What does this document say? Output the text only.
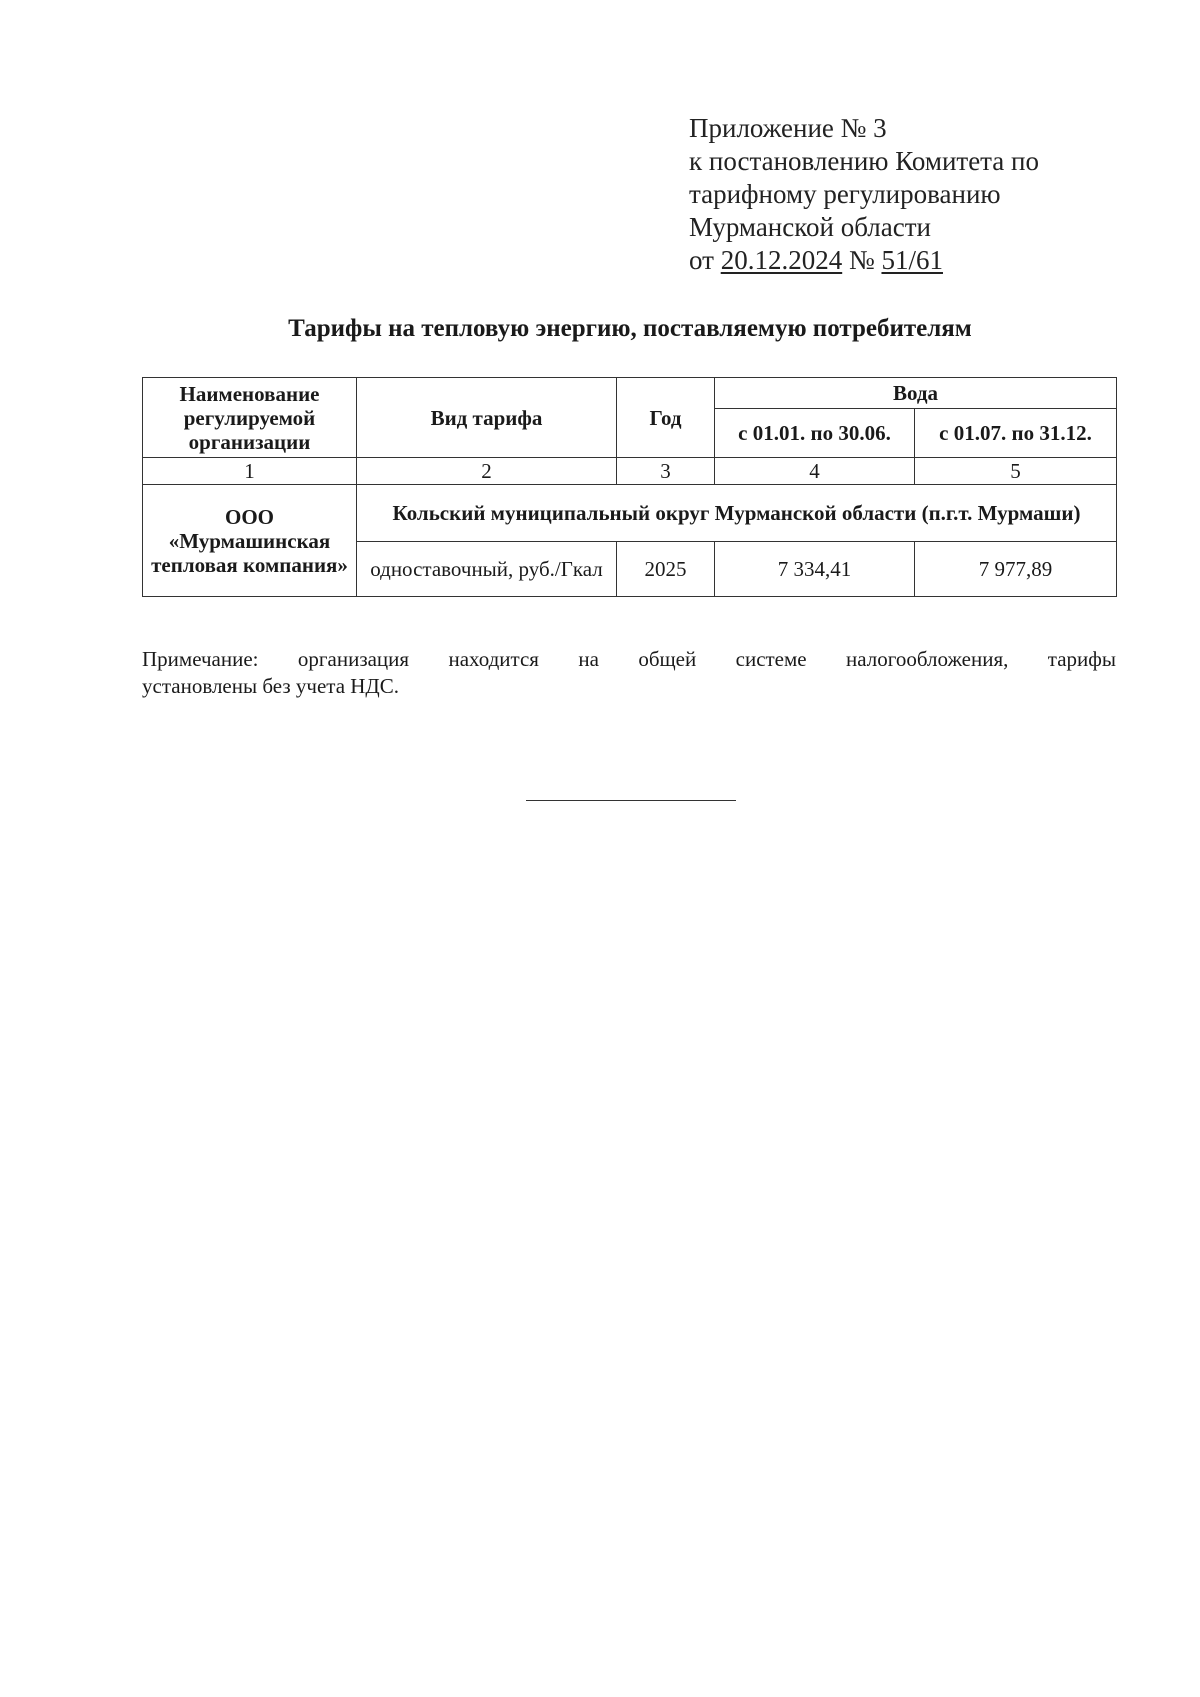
Приложение № 3
к постановлению Комитета по
тарифному регулированию
Мурманской области
от 20.12.2024 № 51/61
Тарифы на тепловую энергию, поставляемую потребителям
Наименование регулируемой организации	Вид тарифа	Год	Вода	
			с 01.01. по 30.06.	с 01.07. по 31.12.
1	2	3	4	5
ООО «Мурмашинская тепловая компания»	Кольский муниципальный округ Мурманской области (п.г.т. Мурмаши)			
	одноставочный, руб./Гкал	2025	7 334,41	7 977,89
Примечание: организация находится на общей системе налогообложения, тарифы
установлены без учета НДС.
